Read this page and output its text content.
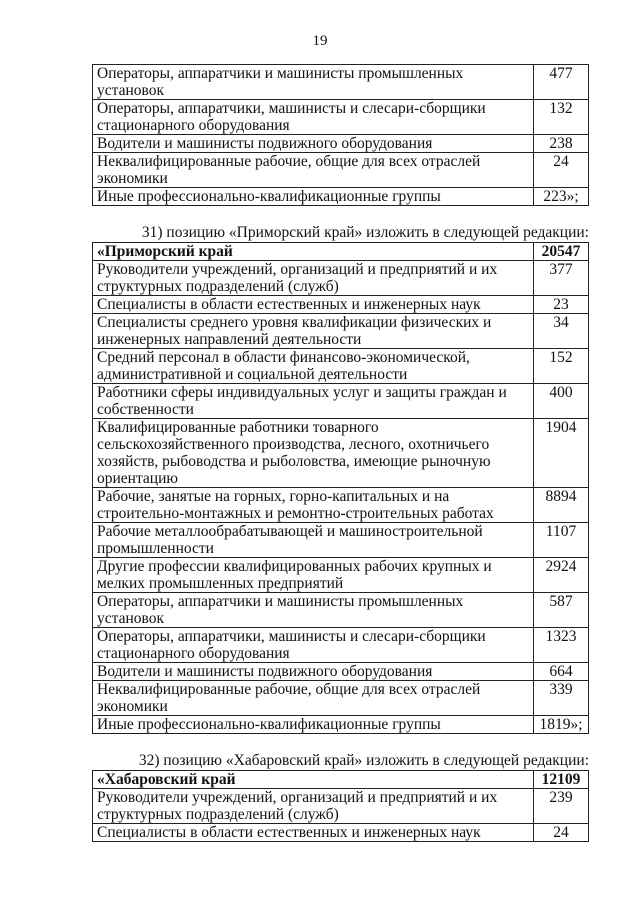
19
Операторы, аппаратчики и машинисты промышленных установок	477
Операторы, аппаратчики, машинисты и слесари-сборщики стационарного оборудования	132
Водители и машинисты подвижного оборудования	238
Неквалифицированные рабочие, общие для всех отраслей экономики	24
Иные профессионально-квалификационные группы	223»;
31) позицию «Приморский край» изложить в следующей редакции:
«Приморский край	20547
Руководители учреждений, организаций и предприятий и их структурных подразделений (служб)	377
Специалисты в области естественных и инженерных наук	23
Специалисты среднего уровня квалификации физических и инженерных направлений деятельности	34
Средний персонал в области финансово-экономической, административной и социальной деятельности	152
Работники сферы индивидуальных услуг и защиты граждан и собственности	400
Квалифицированные работники товарного сельскохозяйственного производства, лесного, охотничьего хозяйств, рыбоводства и рыболовства, имеющие рыночную ориентацию	1904
Рабочие, занятые на горных, горно-капитальных и на строительно-монтажных и ремонтно-строительных работах	8894
Рабочие металлообрабатывающей и машиностроительной промышленности	1107
Другие профессии квалифицированных рабочих крупных и мелких промышленных предприятий	2924
Операторы, аппаратчики и машинисты промышленных установок	587
Операторы, аппаратчики, машинисты и слесари-сборщики стационарного оборудования	1323
Водители и машинисты подвижного оборудования	664
Неквалифицированные рабочие, общие для всех отраслей экономики	339
Иные профессионально-квалификационные группы	1819»;
32) позицию «Хабаровский край» изложить в следующей редакции:
«Хабаровский край	12109
Руководители учреждений, организаций и предприятий и их структурных подразделений (служб)	239
Специалисты в области естественных и инженерных наук	24
